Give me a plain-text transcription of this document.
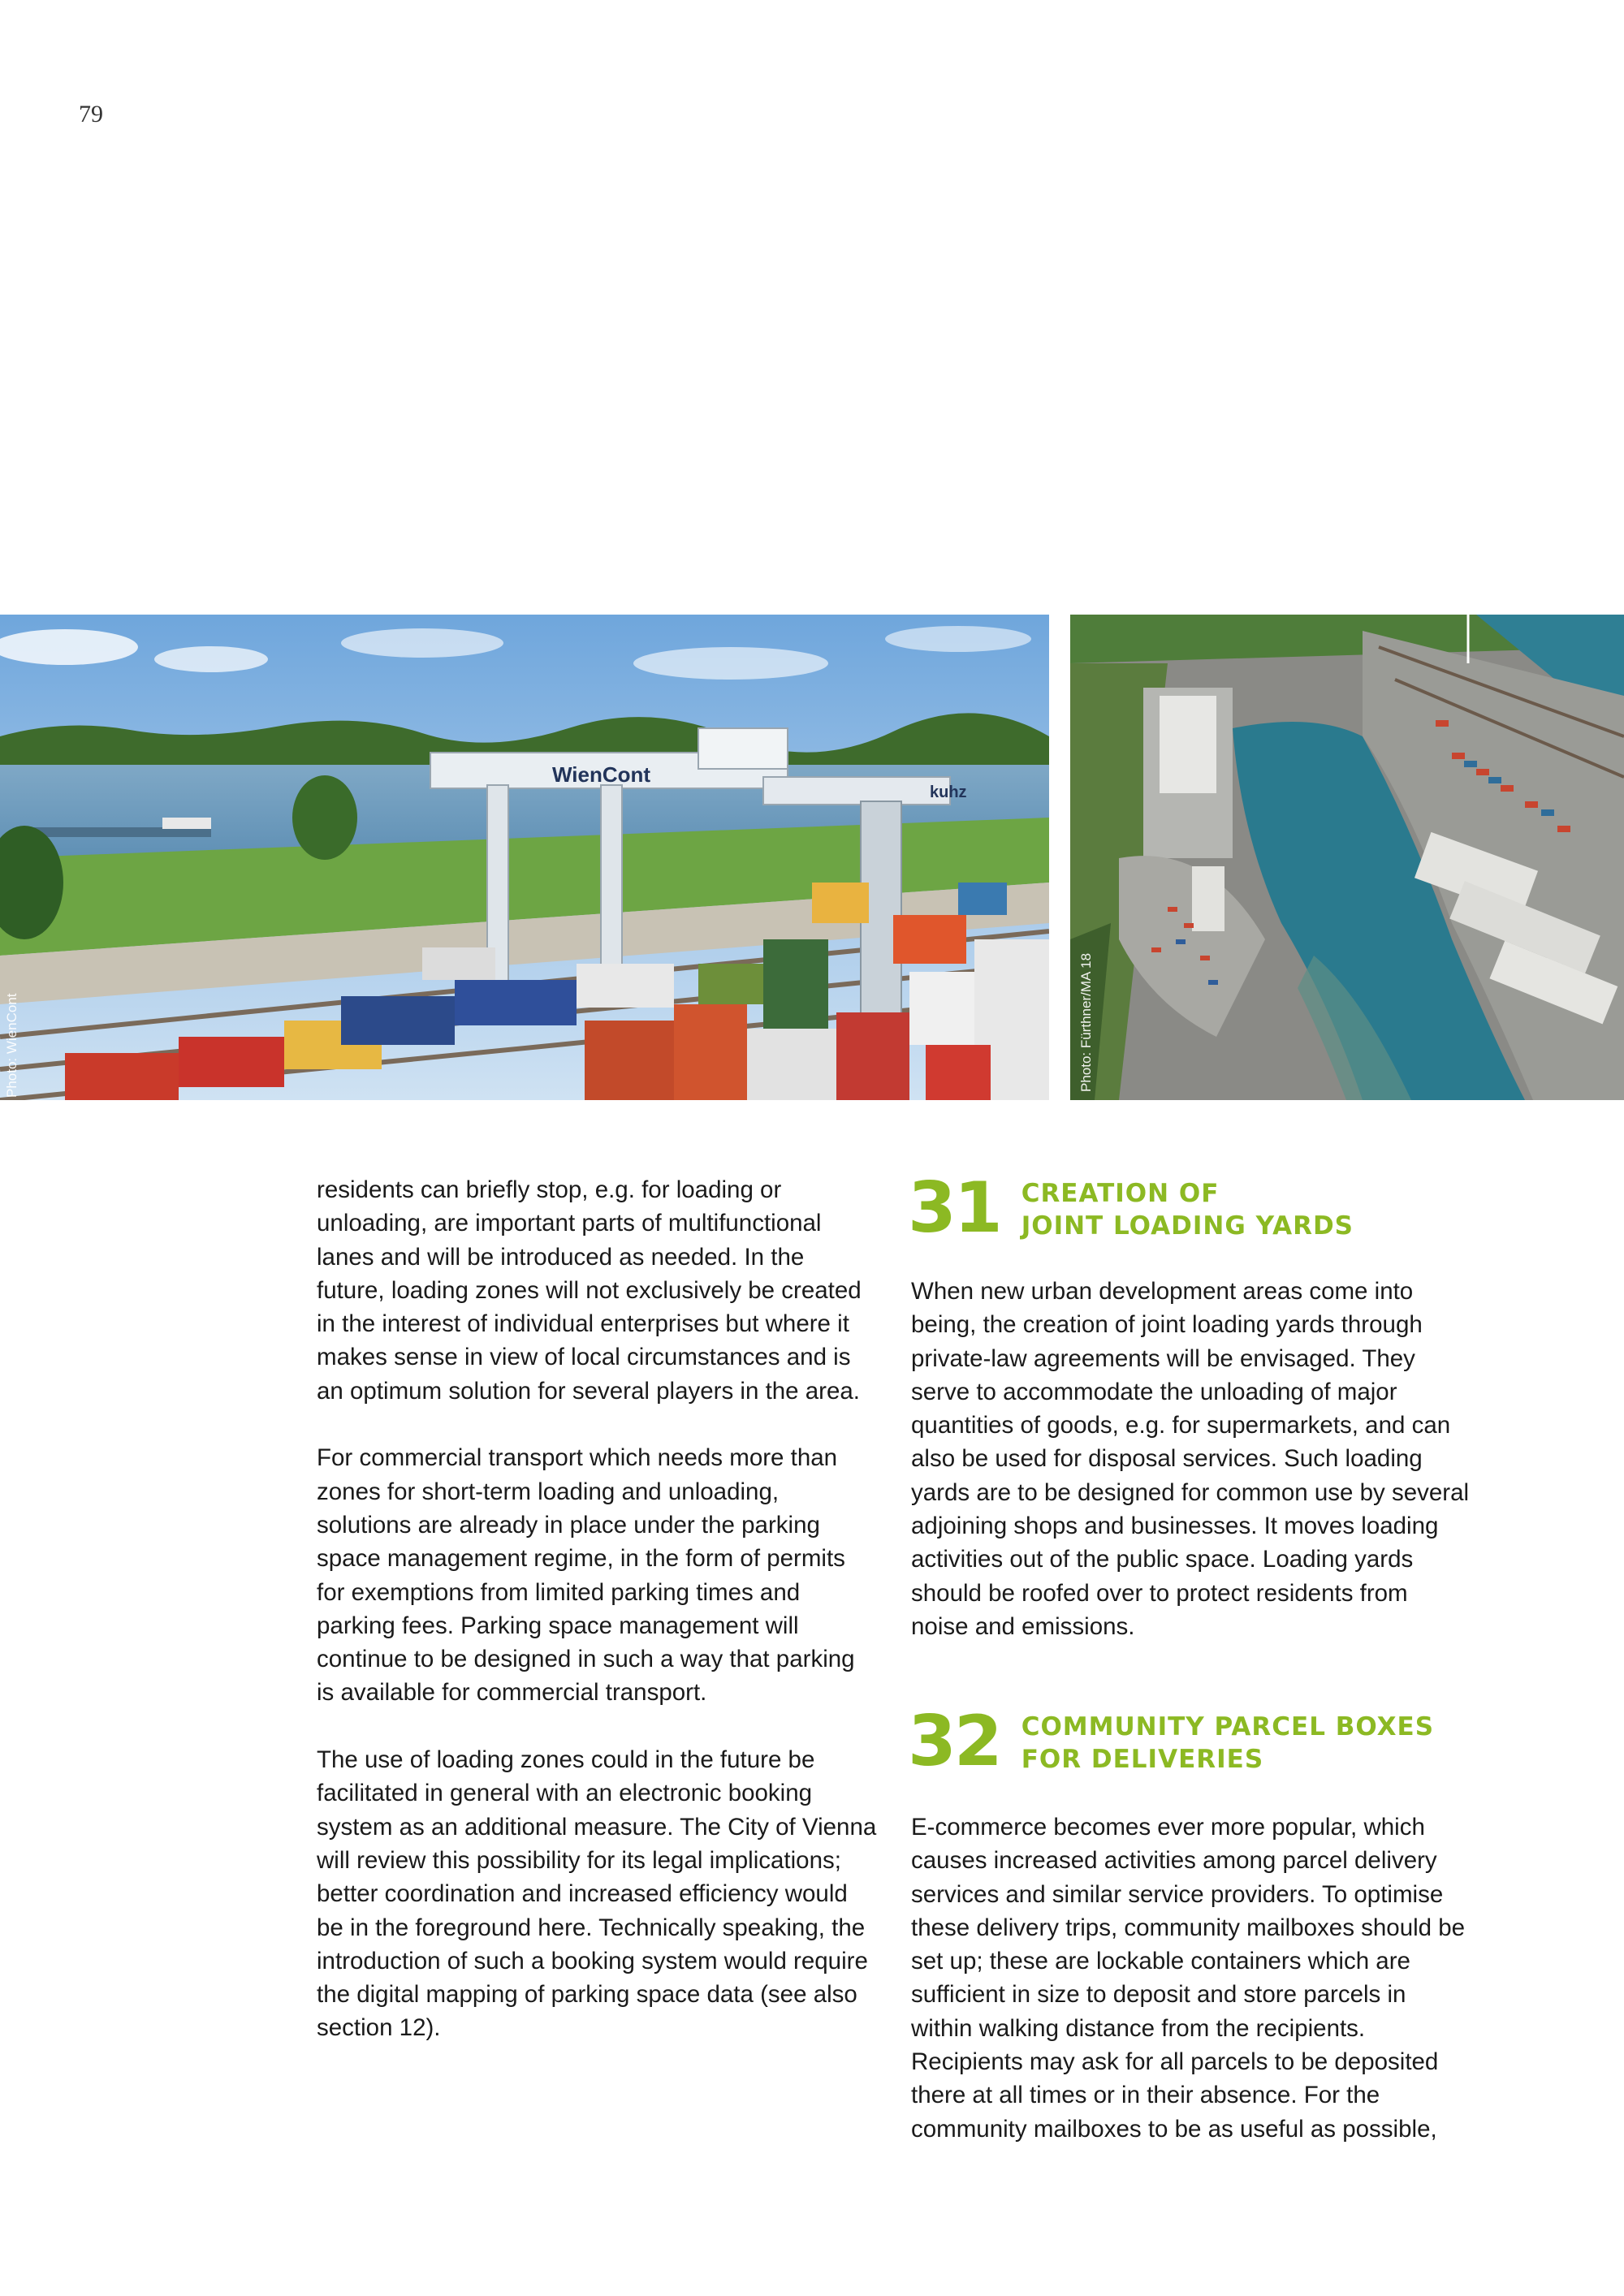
79
WienCont
kuhz
Photo: WienCont	Photo: Fürthner/MA 18

residents can briefly stop, e.g. for loading or unloading, are important parts of multifunctional lanes and will be introduced as needed. In the future, loading zones will not exclusively be created in the interest of individual enterprises but where it makes sense in view of local circumstances and is an optimum solution for several players in the area.

For commercial transport which needs more than zones for short-term loading and unloading, solutions are already in place under the parking space management regime, in the form of permits for exemptions from limited parking times and parking fees. Parking space management will continue to be designed in such a way that parking is available for commercial transport.

The use of loading zones could in the future be facilitated in general with an electronic booking system as an additional measure. The City of Vienna will review this possibility for its legal implications; better coordination and increased efficiency would be in the foreground here. Technically speaking, the introduction of such a booking system would require the digital mapping of parking space data (see also section 12).

31 CREATION OF
JOINT LOADING YARDS

When new urban development areas come into being, the creation of joint loading yards through private-law agreements will be envisaged. They serve to accommodate the unloading of major quantities of goods, e.g. for supermarkets, and can also be used for disposal services. Such loading yards are to be designed for common use by several adjoining shops and businesses. It moves loading activities out of the public space. Loading yards should be roofed over to protect residents from noise and emissions.

32 COMMUNITY PARCEL BOXES
FOR DELIVERIES

E-commerce becomes ever more popular, which causes increased activities among parcel delivery services and similar service providers. To optimise these delivery trips, community mailboxes should be set up; these are lockable containers which are sufficient in size to deposit and store parcels in within walking distance from the recipients. Recipients may ask for all parcels to be deposited there at all times or in their absence. For the community mailboxes to be as useful as possible,
